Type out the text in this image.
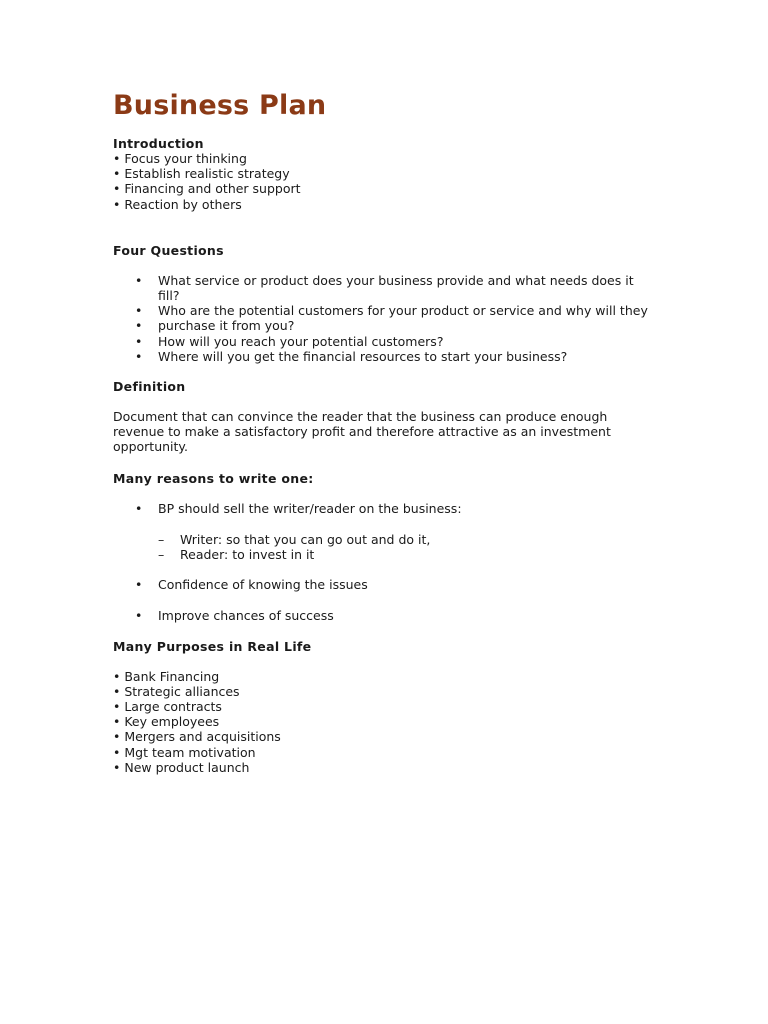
Business Plan

Introduction

• Focus your thinking
• Establish realistic strategy
• Financing and other support
• Reaction by others

Four Questions

• What service or product does your business provide and what needs does it
fill?
• Who are the potential customers for your product or service and why will they
• purchase it from you?
• How will you reach your potential customers?
• Where will you get the financial resources to start your business?

Definition

Document that can convince the reader that the business can produce enough

revenue to make a satisfactory profit and therefore attractive as an investment

opportunity.

Many reasons to write one:

• BP should sell the writer/reader on the business:
– Writer: so that you can go out and do it,
– Reader: to invest in it
• Confidence of knowing the issues
• Improve chances of success

Many Purposes in Real Life

• Bank Financing
• Strategic alliances
• Large contracts
• Key employees
• Mergers and acquisitions
• Mgt team motivation
• New product launch
